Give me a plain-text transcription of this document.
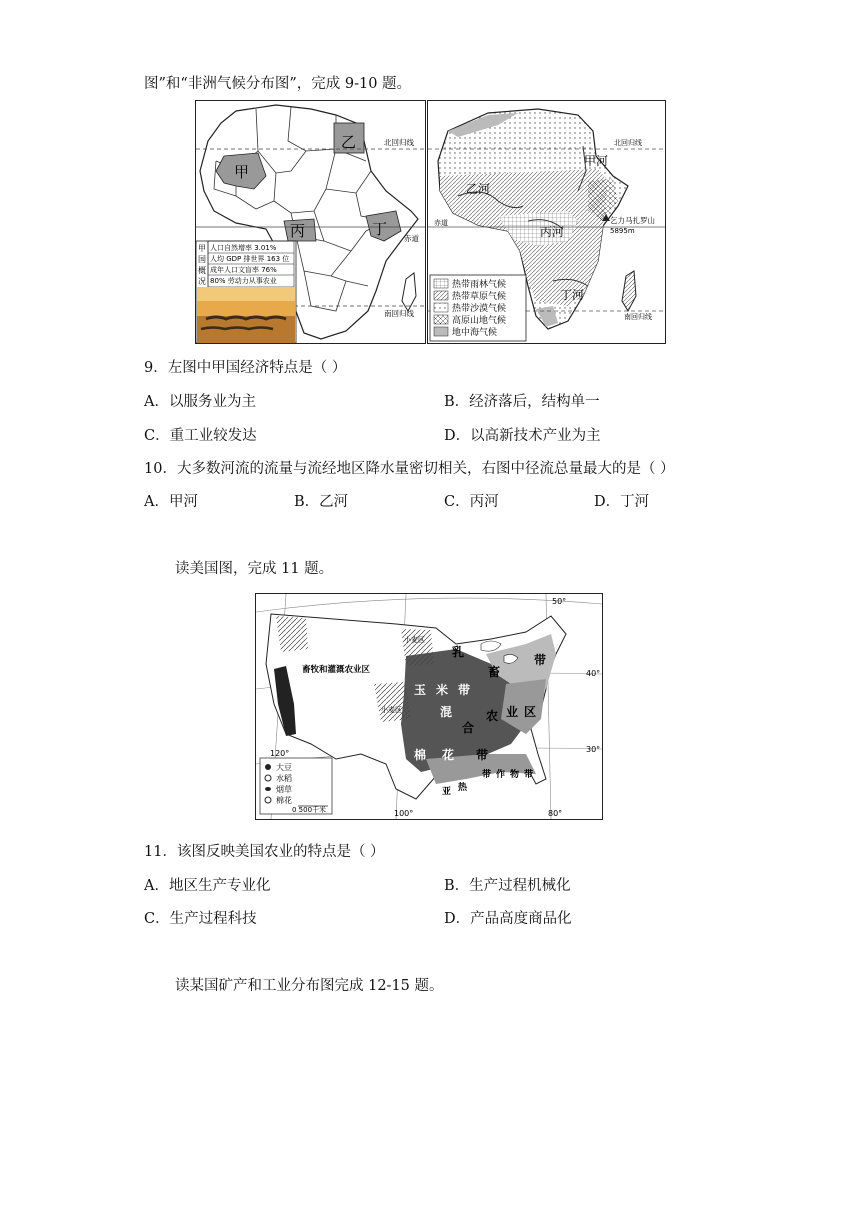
图”和“非洲气候分布图”，完成 9-10 题。
甲
乙
丙	丁
北回归线
赤道
南回归线
甲
国
概
况
人口自然增率 3.01%
人均 GDP 排世界 163 位
成年人口文盲率 76%
80% 劳动力从事农业
北回归线
赤道
南回归线
甲河
乙河
丙河
丁河
乞力马扎罗山
5895m
热带雨林气候
热带草原气候
热带沙漠气候
高原山地气候
地中海气候
9．左图中甲国经济特点是（ ）
A．以服务业为主	B．经济落后，结构单一
C．重工业较发达	D．以高新技术产业为主
10．大多数河流的流量与流经地区降水量密切相关，右图中径流总量最大的是（ ）
A．甲河	B．乙河	C．丙河	D．丁河
读美国图，完成 11 题。
畜牧和灌溉农业区
小麦区
小麦区
乳
畜
带
玉 米 带
混
合
农 业 区
棉 花 带
亚 热
带 作 物 带
50°
40°
30°
120°
100°	80°
大豆
水稻
烟草
棉花
0 500千米
11．该图反映美国农业的特点是（ ）
A．地区生产专业化	B．生产过程机械化
C．生产过程科技	D．产品高度商品化
读某国矿产和工业分布图完成 12-15 题。
